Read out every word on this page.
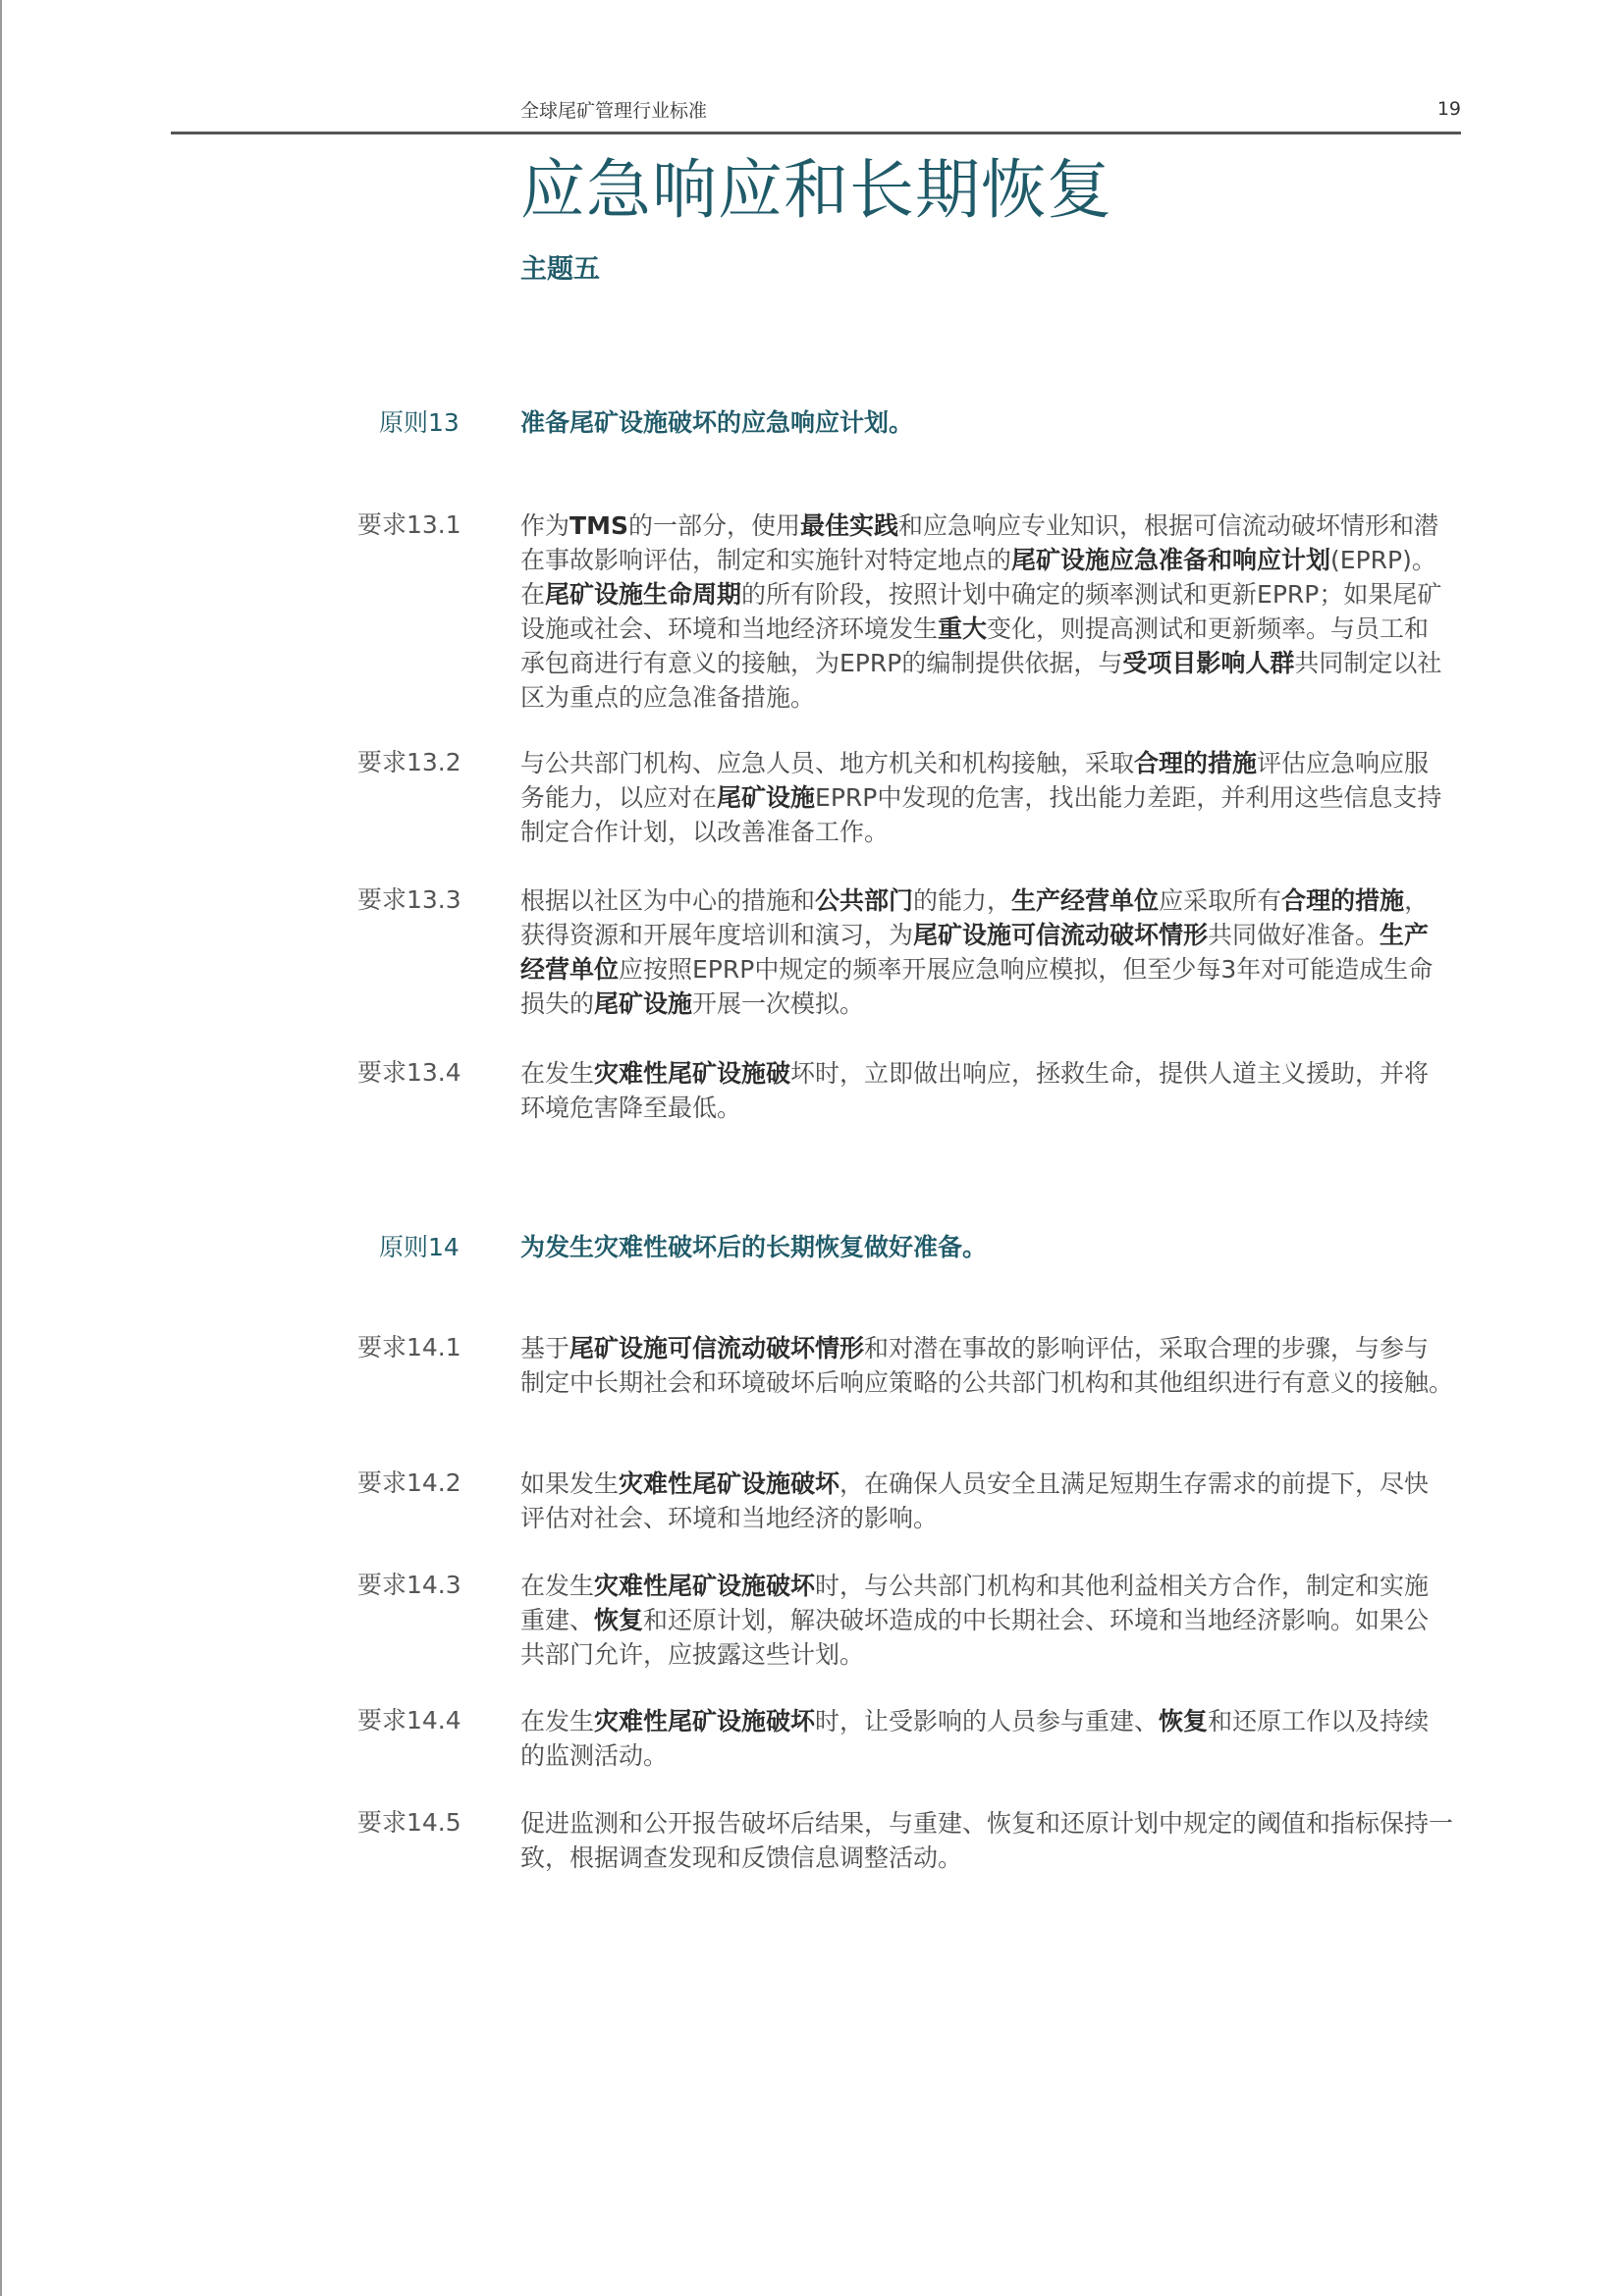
全球尾矿管理行业标准	19
应急响应和长期恢复
主题五
原则13	准备尾矿设施破坏的应急响应计划。
要求13.1	作为TMS的一部分，使用最佳实践和应急响应专业知识，根据可信流动破坏情形和潜在事故影响评估，制定和实施针对特定地点的尾矿设施应急准备和响应计划(EPRP)。在尾矿设施生命周期的所有阶段，按照计划中确定的频率测试和更新EPRP；如果尾矿设施或社会、环境和当地经济环境发生重大变化，则提高测试和更新频率。与员工和承包商进行有意义的接触，为EPRP的编制提供依据，与受项目影响人群共同制定以社区为重点的应急准备措施。
要求13.2	与公共部门机构、应急人员、地方机关和机构接触，采取合理的措施评估应急响应服务能力，以应对在尾矿设施EPRP中发现的危害，找出能力差距，并利用这些信息支持制定合作计划，以改善准备工作。
要求13.3	根据以社区为中心的措施和公共部门的能力，生产经营单位应采取所有合理的措施，获得资源和开展年度培训和演习，为尾矿设施可信流动破坏情形共同做好准备。生产经营单位应按照EPRP中规定的频率开展应急响应模拟，但至少每3年对可能造成生命损失的尾矿设施开展一次模拟。
要求13.4	在发生灾难性尾矿设施破坏时，立即做出响应，拯救生命，提供人道主义援助，并将环境危害降至最低。
原则14	为发生灾难性破坏后的长期恢复做好准备。
要求14.1	基于尾矿设施可信流动破坏情形和对潜在事故的影响评估，采取合理的步骤，与参与制定中长期社会和环境破坏后响应策略的公共部门机构和其他组织进行有意义的接触。
要求14.2	如果发生灾难性尾矿设施破坏，在确保人员安全且满足短期生存需求的前提下，尽快评估对社会、环境和当地经济的影响。
要求14.3	在发生灾难性尾矿设施破坏时，与公共部门机构和其他利益相关方合作，制定和实施重建、恢复和还原计划，解决破坏造成的中长期社会、环境和当地经济影响。如果公共部门允许，应披露这些计划。
要求14.4	在发生灾难性尾矿设施破坏时，让受影响的人员参与重建、恢复和还原工作以及持续的监测活动。
要求14.5	促进监测和公开报告破坏后结果，与重建、恢复和还原计划中规定的阈值和指标保持一致，根据调查发现和反馈信息调整活动。
